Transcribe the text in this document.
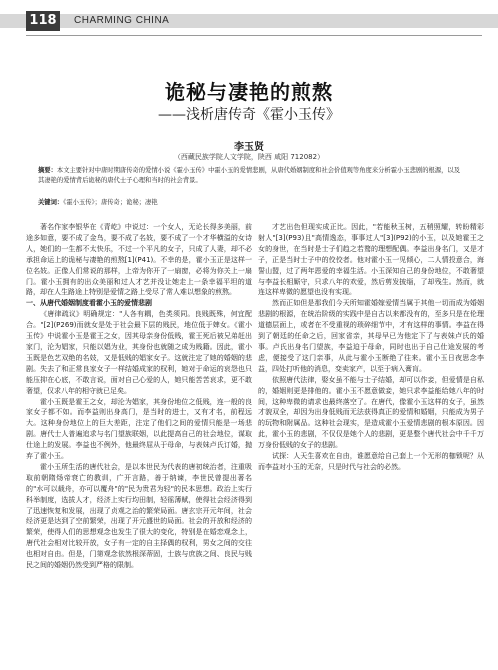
118	CHARMING CHINA
诡秘与凄艳的煎熬
——浅析唐传奇《霍小玉传》
李玉贤
（西藏民族学院人文学院，陕西 咸阳 712082）
摘要：本文主要针对中唐时期唐传奇的爱情小说《霍小玉传》中霍小玉的爱情悲剧，从唐代婚姻制度和社会价值观等角度来分析霍小玉悲剧的根源，以及其凄艳的爱情背后诡秘的唐代士子心理和当时的社会背景。
关键词：《霍小玉传》；唐传奇；诡秘；凄艳

著名作家李银华在《青屹》中说过：一个女人，无论长得多美丽，前途多如意，要不成了金鸟，要不成了名妓，要不成了一个才华横溢的女诗人，她们的一生都不太快乐，不过一个平凡的女子，只成了人妻，却不必承担命运上的诡秘与凄艳的煎熬[1](P41)。不幸的是，霍小玉正是这样一位名妓。正像人们常说的那样，上帝为你开了一扇窗，必将为你关上一扇门。霍小玉拥有的出众美丽和过人才艺并没让她走上一条幸福平坦的道路，却在人生路途上特别是爱情之路上受尽了常人难以想象的煎熬。

一、从唐代婚姻制度看霍小玉的爱情悲剧

《唐律疏议》明确规定："人各有耦，色类须同。良贱既殊，何宜配合。"[2](P269)而就女是处于社会最下层的贱民，地位低于婢女。《霍小玉传》中说霍小玉是霍王之女，因其母亲身份低贱，霍王死后被兄弟赶出家门，沦为娼家，只能以娼为业，其身份也就随之成为贱籍。因此，霍小玉既是色艺双绝的名妓，又是低贱的娼家女子。这就注定了她的婚姻的悲剧。失去了和正常良家女子一样结婚成家的权利，她对于命运的哀怨也只能压抑在心底，不敢言说，面对自己心爱的人，她只能苦苦哀求，更不敢奢望，仅求八年的相守就已足矣。

霍小玉既是霍王之女，却沦为娼家，其身份地位之低贱，连一般的良家女子都不如。而李益则出身高门，是当时的进士，又有才名，前程远大。这种身份地位上的巨大差距，注定了他们之间的爱情只能是一场悲剧。唐代士人普遍追求与名门望族联姻，以此提高自己的社会地位，谋取仕途上的发展。李益也不例外，他最终屈从于母命，与表妹卢氏订婚，抛弃了霍小玉。

霍小玉所生活的唐代社会，是以本世民为代表的唐初统治者，注重吸取前朝隋炀帝衰亡的教训，广开言路，善于纳谏，李世民曾提出著名的"水可以载舟，亦可以覆舟"的"民为贵君为轻"的民本思想。政治上实行科举制度，选拔人才，经济上实行均田制，轻徭薄赋，使得社会经济得到了迅速恢复和发展，出现了贞观之治的繁荣局面。唐玄宗开元年间，社会经济更是达到了空前繁荣，出现了开元盛世的局面。社会的开放和经济的繁荣，使得人们的思想观念也发生了很大的变化，特别是在婚恋观念上，唐代社会相对比较开放，女子有一定的自主择偶的权利，男女之间的交往也相对自由。但是，门第观念依然根深蒂固，士族与庶族之间、良民与贱民之间的婚姻仍然受到严格的限制。

才艺出色但现实成正比。因此，"若能秋玉树，五稍照耀，转盼精彩射人"[3](P93)且"高情逸态，事事过人"[3](P92)的小玉，以及她霍王之女的身世，在当时是士子们趋之若鹜的理想配偶。李益出身名门，又是才子，正是当时士子中的佼佼者。他对霍小玉一见倾心，二人情投意合，海誓山盟，过了两年恩爱的幸福生活。小玉深知自己的身份地位，不敢奢望与李益长相厮守，只求八年的欢爱，然后剪发披缁，了却残生。然而，就连这样卑微的愿望也没有实现。

然而正如但是那我们今天所知霍婚嫁爱情当属于其他一切而成为婚姻悲剧的根源，在统治阶级的实践中是自古以来都没有的，至多只是在伦理道德层面上，或者在不受重视的琐碎细节中，才有这样的事情。李益在得到了朝廷的任命之后，回家省亲，其母早已为他定下了与表妹卢氏的婚事。卢氏出身名门望族，李益迫于母命，同时也出于自己仕途发展的考虑，便接受了这门亲事，从此与霍小玉断绝了往来。霍小玉日夜思念李益，四处打听他的消息，变卖家产，以至于病入膏肓。

依照唐代法律，娶女虽不能与士子结婚，却可以作妾，但爱情是自私的，婚姻则更是排他的。霍小玉不愿意做妾，她只求李益能给她八年的时间，这种卑微的请求也最终落空了。在唐代，像霍小玉这样的女子，虽然才貌双全，却因为出身低贱而无法获得真正的爱情和婚姻，只能成为男子的玩物和附属品。这种社会现实，是造成霍小玉爱情悲剧的根本原因。因此，霍小玉的悲剧，不仅仅是她个人的悲剧，更是整个唐代社会中千千万万身份低贱的女子的悲剧。

试探：人天生喜欢在自由，谁愿意给自己套上一个无形的枷锁呢？从而李益对小玉的无奈，只是时代与社会的必然。
